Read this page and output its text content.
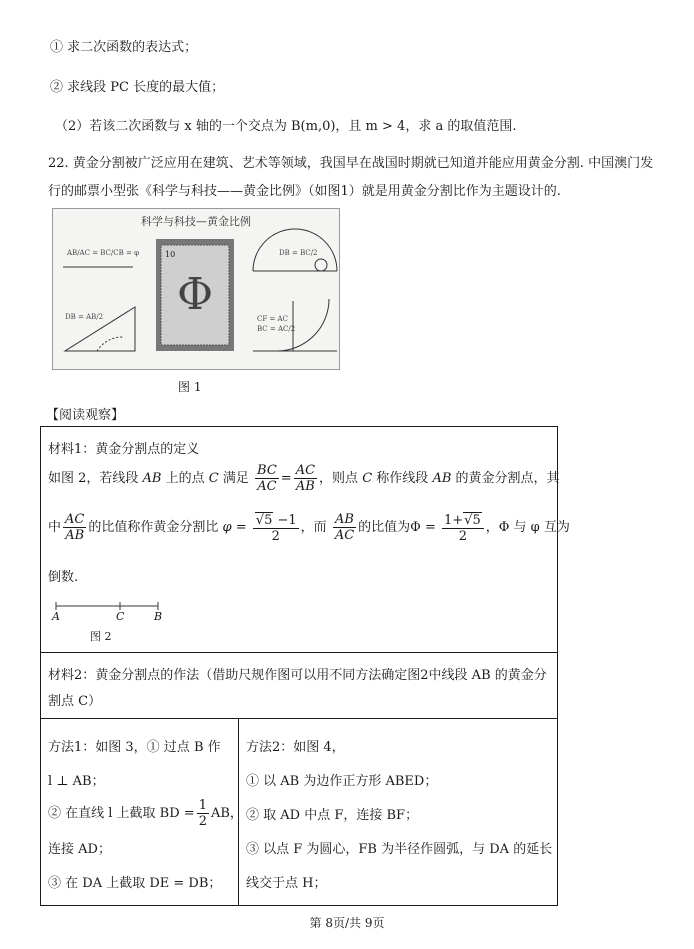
① 求二次函数的表达式；
② 求线段 PC 长度的最大值；
（2）若该二次函数与 x 轴的一个交点为 B(m,0)，且 m > 4，求 a 的取值范围.
22. 黄金分割被广泛应用在建筑、艺术等领域，我国早在战国时期就已知道并能应用黄金分割. 中国澳门发
行的邮票小型张《科学与科技——黄金比例》（如图1）就是用黄金分割比作为主题设计的.
科学与科技—黄金比例
AB/AC = BC/CB = φ	10
Φ
DB = BC/2
DB = AB/2	CF = AC
BC = AC/2
图 1
【阅读观察】
材料1：黄金分割点的定义
如图 2，若线段 AB 上的点 C 满足 $\frac{BC}{AC} = \frac{AC}{AB}$ ，则点 C 称作线段 AB 的黄金分割点，其
中 $\frac{AC}{AB}$ 的比值称作黄金分割比 $\varphi = \frac{√5 -1}{2}$ ，而 $\frac{AB}{AC}$ 的比值为$\Phi = \frac{1+√5}{2}$ ，Φ 与 φ 互为
倒数.
A	C	B
图 2
材料2：黄金分割点的作法（借助尺规作图可以用不同方法确定图2中线段 AB 的黄金分
割点 C）
方法1：如图 3，① 过点 B 作
l ⊥ AB；
② 在直线 l 上截取 BD = $\frac{1}{2}$ AB，
连接 AD；
③ 在 DA 上截取 DE = DB；
方法2：如图 4，
① 以 AB 为边作正方形 ABED；
② 取 AD 中点 F，连接 BF；
③ 以点 F 为圆心，FB 为半径作圆弧，与 DA 的延长
线交于点 H；
第 8页/共 9页
